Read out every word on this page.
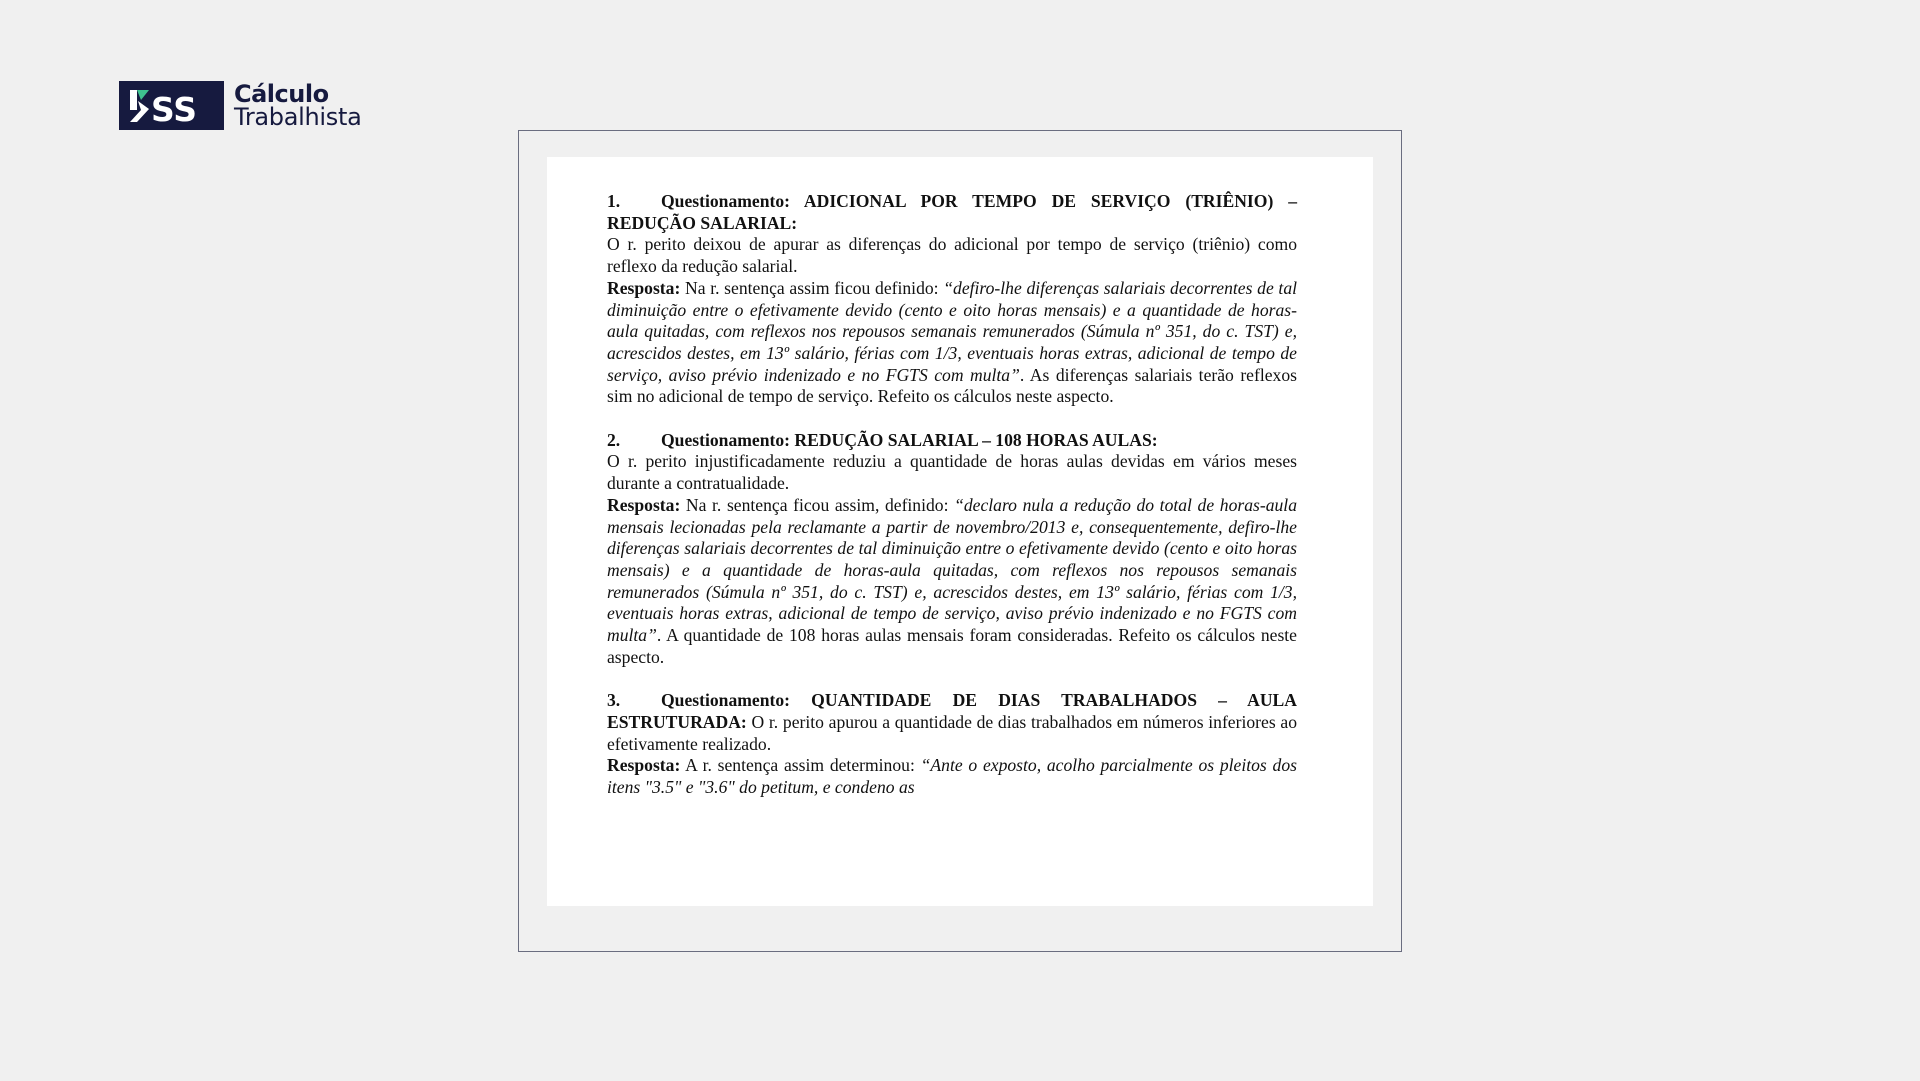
SS Cálculo
Trabalhista

1. Questionamento: ADICIONAL POR TEMPO DE SERVIÇO (TRIÊNIO) – REDUÇÃO SALARIAL:

O r. perito deixou de apurar as diferenças do adicional por tempo de serviço (triênio) como reflexo da redução salarial.

Resposta: Na r. sentença assim ficou definido: “defiro-lhe diferenças salariais decorrentes de tal diminuição entre o efetivamente devido (cento e oito horas mensais) e a quantidade de horas-aula quitadas, com reflexos nos repousos semanais remunerados (Súmula nº 351, do c. TST) e, acrescidos destes, em 13º salário, férias com 1/3, eventuais horas extras, adicional de tempo de serviço, aviso prévio indenizado e no FGTS com multa”. As diferenças salariais terão reflexos sim no adicional de tempo de serviço. Refeito os cálculos neste aspecto.

2. Questionamento: REDUÇÃO SALARIAL – 108 HORAS AULAS:

O r. perito injustificadamente reduziu a quantidade de horas aulas devidas em vários meses durante a contratualidade.

Resposta: Na r. sentença ficou assim, definido: “declaro nula a redução do total de horas-aula mensais lecionadas pela reclamante a partir de novembro/2013 e, consequentemente, defiro-lhe diferenças salariais decorrentes de tal diminuição entre o efetivamente devido (cento e oito horas mensais) e a quantidade de horas-aula quitadas, com reflexos nos repousos semanais remunerados (Súmula nº 351, do c. TST) e, acrescidos destes, em 13º salário, férias com 1/3, eventuais horas extras, adicional de tempo de serviço, aviso prévio indenizado e no FGTS com multa”. A quantidade de 108 horas aulas mensais foram consideradas. Refeito os cálculos neste aspecto.

3. Questionamento: QUANTIDADE DE DIAS TRABALHADOS – AULA ESTRUTURADA: O r. perito apurou a quantidade de dias trabalhados em números inferiores ao efetivamente realizado.

Resposta: A r. sentença assim determinou: “Ante o exposto, acolho parcialmente os pleitos dos itens "3.5" e "3.6" do petitum, e condeno as
